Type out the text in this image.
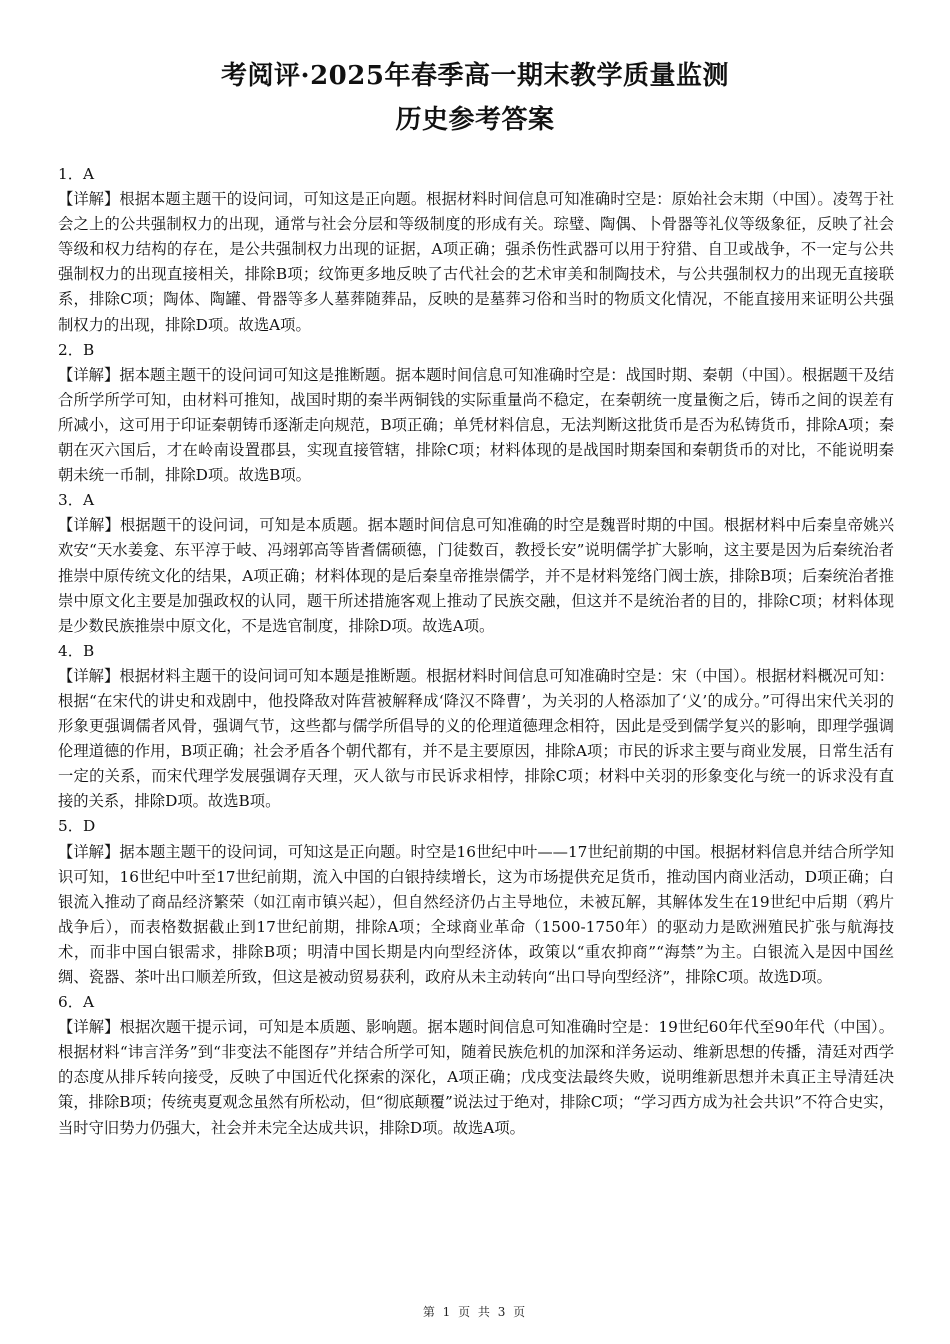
考阅评·2025年春季高一期末教学质量监测
历史参考答案

1．A

【详解】根据本题主题干的设问词，可知这是正向题。根据材料时间信息可知准确时空是：原始社会末期（中国）。凌驾于社会之上的公共强制权力的出现，通常与社会分层和等级制度的形成有关。琮璧、陶偶、卜骨器等礼仪等级象征，反映了社会等级和权力结构的存在，是公共强制权力出现的证据，A项正确；强杀伤性武器可以用于狩猎、自卫或战争，不一定与公共强制权力的出现直接相关，排除B项；纹饰更多地反映了古代社会的艺术审美和制陶技术，与公共强制权力的出现无直接联系，排除C项；陶体、陶罐、骨器等多人墓葬随葬品，反映的是墓葬习俗和当时的物质文化情况，不能直接用来证明公共强制权力的出现，排除D项。故选A项。

2．B

【详解】据本题主题干的设问词可知这是推断题。据本题时间信息可知准确时空是：战国时期、秦朝（中国）。根据题干及结合所学所学可知，由材料可推知，战国时期的秦半两铜钱的实际重量尚不稳定，在秦朝统一度量衡之后，铸币之间的误差有所减小，这可用于印证秦朝铸币逐渐走向规范，B项正确；单凭材料信息，无法判断这批货币是否为私铸货币，排除A项；秦朝在灭六国后，才在岭南设置郡县，实现直接管辖，排除C项；材料体现的是战国时期秦国和秦朝货币的对比，不能说明秦朝未统一币制，排除D项。故选B项。

3．A

【详解】根据题干的设问词，可知是本质题。据本题时间信息可知准确的时空是魏晋时期的中国。根据材料中后秦皇帝姚兴欢安“天水姜龛、东平淳于岐、冯翊郭高等皆耆儒硕德，门徒数百，教授长安”说明儒学扩大影响，这主要是因为后秦统治者推崇中原传统文化的结果，A项正确；材料体现的是后秦皇帝推崇儒学，并不是材料笼络门阀士族，排除B项；后秦统治者推崇中原文化主要是加强政权的认同，题干所述措施客观上推动了民族交融，但这并不是统治者的目的，排除C项；材料体现是少数民族推崇中原文化，不是选官制度，排除D项。故选A项。

4．B

【详解】根据材料主题干的设问词可知本题是推断题。根据材料时间信息可知准确时空是：宋（中国）。根据材料概况可知：根据“在宋代的讲史和戏剧中，他投降敌对阵营被解释成‘降汉不降曹’，为关羽的人格添加了‘义’的成分。”可得出宋代关羽的形象更强调儒者风骨，强调气节，这些都与儒学所倡导的义的伦理道德理念相符，因此是受到儒学复兴的影响，即理学强调伦理道德的作用，B项正确；社会矛盾各个朝代都有，并不是主要原因，排除A项；市民的诉求主要与商业发展，日常生活有一定的关系，而宋代理学发展强调存天理，灭人欲与市民诉求相悖，排除C项；材料中关羽的形象变化与统一的诉求没有直接的关系，排除D项。故选B项。

5．D

【详解】据本题主题干的设问词，可知这是正向题。时空是16世纪中叶——17世纪前期的中国。根据材料信息并结合所学知识可知，16世纪中叶至17世纪前期，流入中国的白银持续增长，这为市场提供充足货币，推动国内商业活动，D项正确；白银流入推动了商品经济繁荣（如江南市镇兴起），但自然经济仍占主导地位，未被瓦解，其解体发生在19世纪中后期（鸦片战争后），而表格数据截止到17世纪前期，排除A项；全球商业革命（1500-1750年）的驱动力是欧洲殖民扩张与航海技术，而非中国白银需求，排除B项；明清中国长期是内向型经济体，政策以“重农抑商”“海禁”为主。白银流入是因中国丝绸、瓷器、茶叶出口顺差所致，但这是被动贸易获利，政府从未主动转向“出口导向型经济”，排除C项。故选D项。

6．A

【详解】根据次题干提示词，可知是本质题、影响题。据本题时间信息可知准确时空是：19世纪60年代至90年代（中国）。根据材料“讳言洋务”到“非变法不能图存”并结合所学可知，随着民族危机的加深和洋务运动、维新思想的传播，清廷对西学的态度从排斥转向接受，反映了中国近代化探索的深化，A项正确；戊戌变法最终失败，说明维新思想并未真正主导清廷决策，排除B项；传统夷夏观念虽然有所松动，但“彻底颠覆”说法过于绝对，排除C项；“学习西方成为社会共识”不符合史实，当时守旧势力仍强大，社会并未完全达成共识，排除D项。故选A项。

第 1 页 共 3 页
